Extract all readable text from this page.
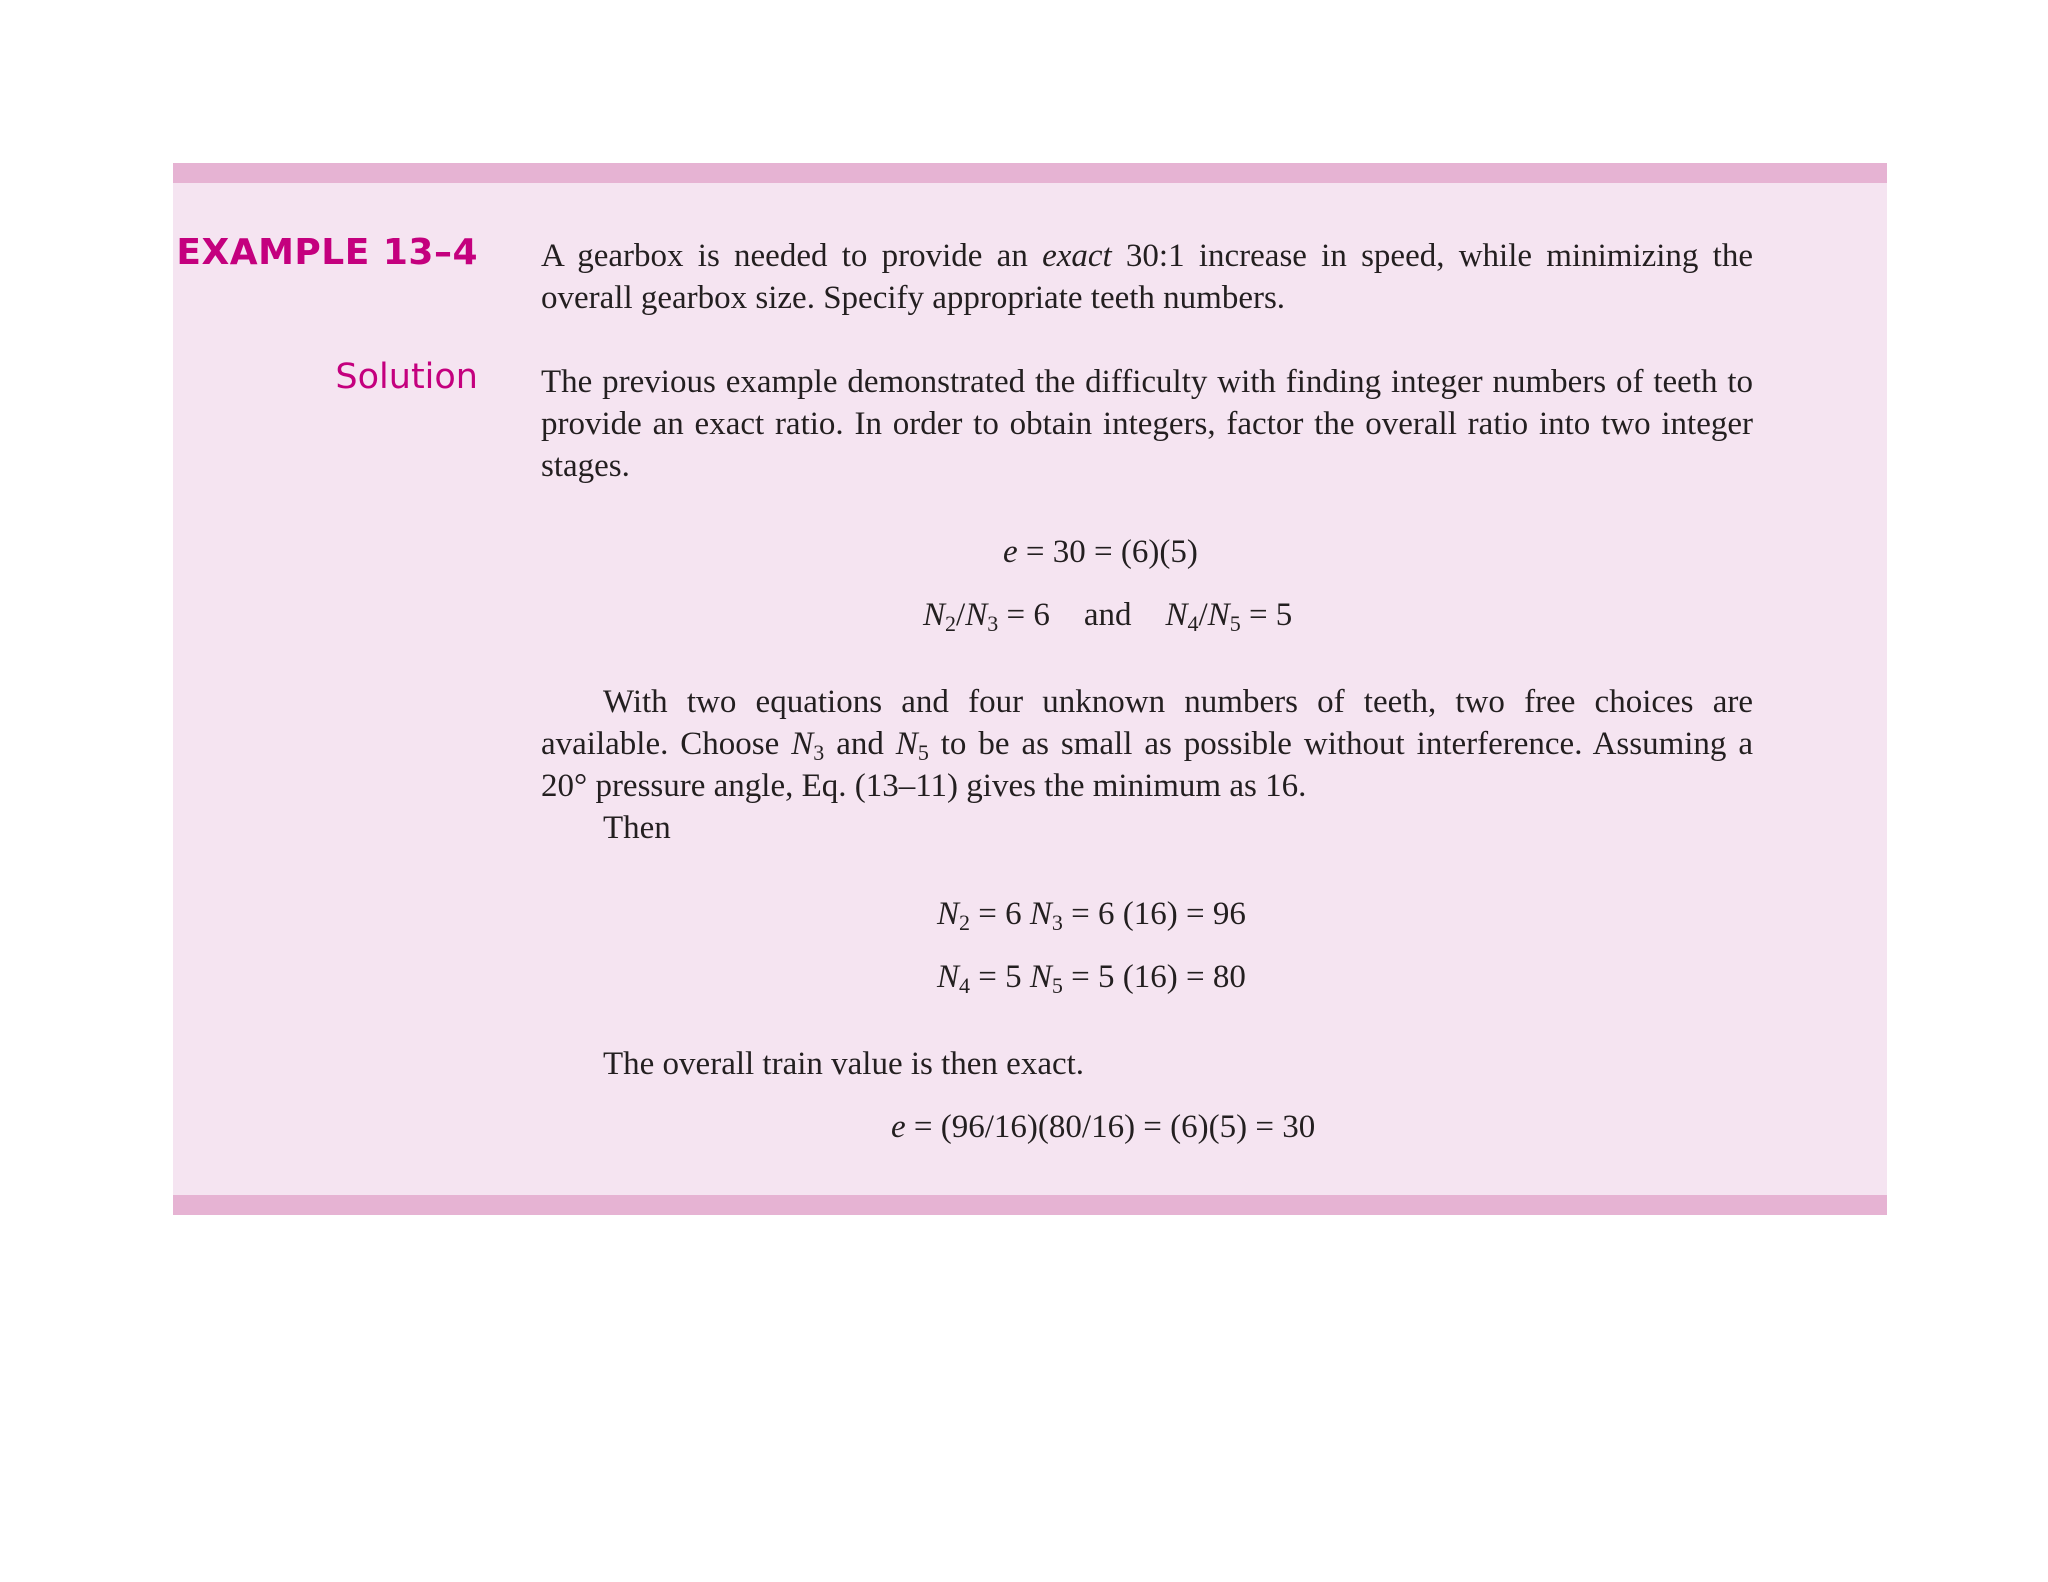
EXAMPLE 13–4
Solution
A gearbox is needed to provide an exact 30:1 increase in speed, while minimizing the overall gearbox size. Specify appropriate teeth numbers.
The previous example demonstrated the difficulty with finding integer numbers of teeth to provide an exact ratio. In order to obtain integers, factor the overall ratio into two integer stages.
e = 30 = (6)(5)
$N_2/N_3 = 6$ and $N_4/N_5 = 5$
With two equations and four unknown numbers of teeth, two free choices are available. Choose $N_3$ and $N_5$ to be as small as possible without interference. Assuming a 20° pressure angle, Eq. (13–11) gives the minimum as 16.
Then
$N_2 = 6$ $N_3 = 6$ (16) = 96
$N_4 = 5$ $N_5 = 5$ (16) = 80
The overall train value is then exact.
e = (96/16)(80/16) = (6)(5) = 30
